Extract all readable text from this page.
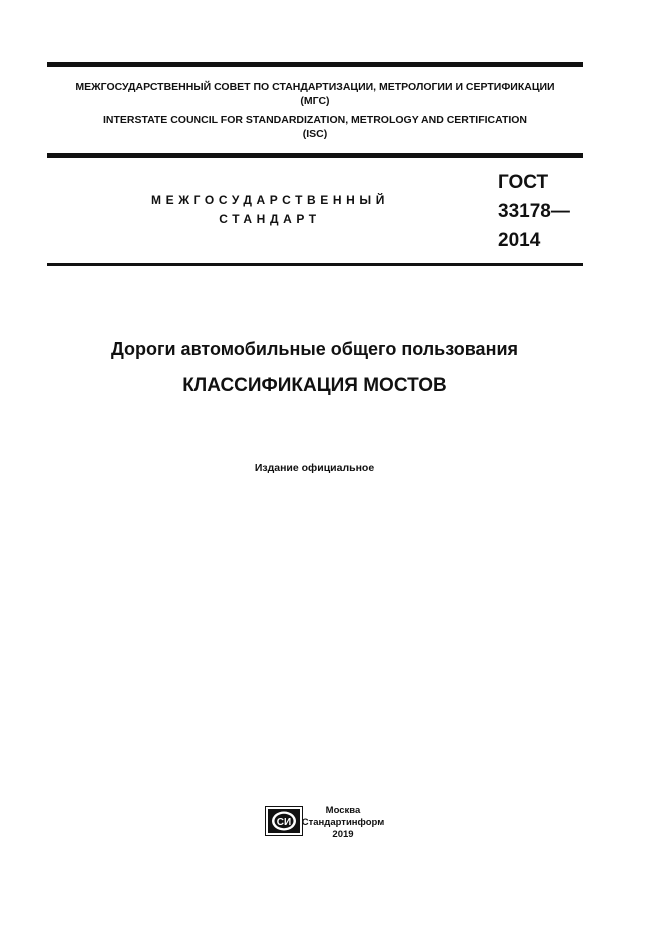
МЕЖГОСУДАРСТВЕННЫЙ СОВЕТ ПО СТАНДАРТИЗАЦИИ, МЕТРОЛОГИИ И СЕРТИФИКАЦИИ
(МГС)
INTERSTATE COUNCIL FOR STANDARDIZATION, METROLOGY AND CERTIFICATION
(ISC)
МЕЖГОСУДАРСТВЕННЫЙ
СТАНДАРТ
ГОСТ
33178—
2014
Дороги автомобильные общего пользования
КЛАССИФИКАЦИЯ МОСТОВ
Издание официальное
СИ
Москва
Стандартинформ
2019
